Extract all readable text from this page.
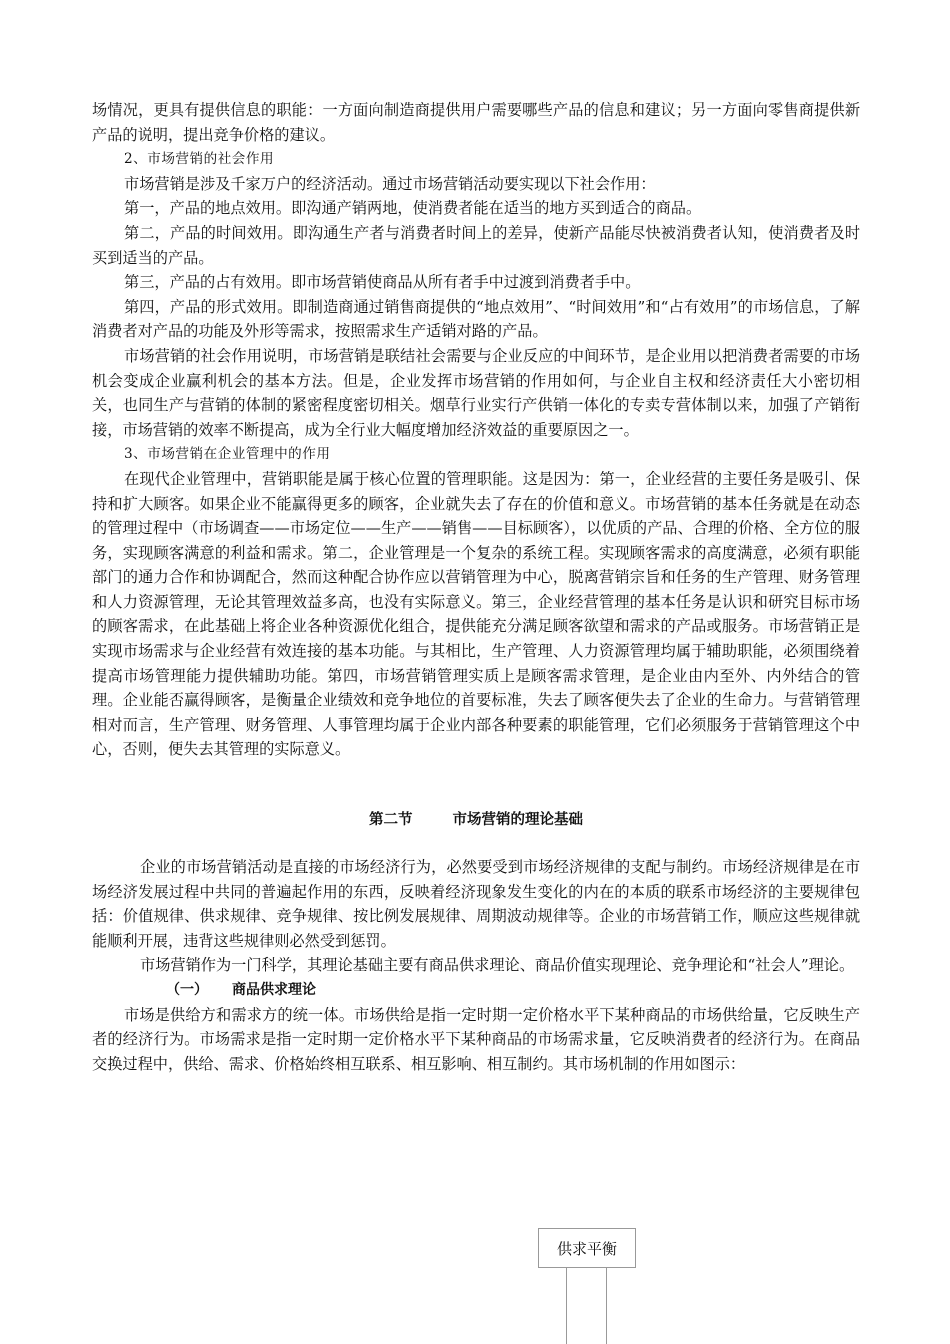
场情况，更具有提供信息的职能：一方面向制造商提供用户需要哪些产品的信息和建议；另一方面向零售商提供新产品的说明，提出竞争价格的建议。

2、市场营销的社会作用

市场营销是涉及千家万户的经济活动。通过市场营销活动要实现以下社会作用：

第一，产品的地点效用。即沟通产销两地，使消费者能在适当的地方买到适合的商品。

第二，产品的时间效用。即沟通生产者与消费者时间上的差异，使新产品能尽快被消费者认知，使消费者及时买到适当的产品。

第三，产品的占有效用。即市场营销使商品从所有者手中过渡到消费者手中。

第四，产品的形式效用。即制造商通过销售商提供的“地点效用”、“时间效用”和“占有效用”的市场信息，了解消费者对产品的功能及外形等需求，按照需求生产适销对路的产品。

市场营销的社会作用说明，市场营销是联结社会需要与企业反应的中间环节，是企业用以把消费者需要的市场机会变成企业赢利机会的基本方法。但是，企业发挥市场营销的作用如何，与企业自主权和经济责任大小密切相关，也同生产与营销的体制的紧密程度密切相关。烟草行业实行产供销一体化的专卖专营体制以来，加强了产销衔接，市场营销的效率不断提高，成为全行业大幅度增加经济效益的重要原因之一。

3、市场营销在企业管理中的作用

在现代企业管理中，营销职能是属于核心位置的管理职能。这是因为：第一，企业经营的主要任务是吸引、保持和扩大顾客。如果企业不能赢得更多的顾客，企业就失去了存在的价值和意义。市场营销的基本任务就是在动态的管理过程中（市场调查——市场定位——生产——销售——目标顾客），以优质的产品、合理的价格、全方位的服务，实现顾客满意的利益和需求。第二，企业管理是一个复杂的系统工程。实现顾客需求的高度满意，必须有职能部门的通力合作和协调配合，然而这种配合协作应以营销管理为中心，脱离营销宗旨和任务的生产管理、财务管理和人力资源管理，无论其管理效益多高，也没有实际意义。第三，企业经营管理的基本任务是认识和研究目标市场的顾客需求，在此基础上将企业各种资源优化组合，提供能充分满足顾客欲望和需求的产品或服务。市场营销正是实现市场需求与企业经营有效连接的基本功能。与其相比，生产管理、人力资源管理均属于辅助职能，必须围绕着提高市场管理能力提供辅助功能。第四，市场营销管理实质上是顾客需求管理，是企业由内至外、内外结合的管理。企业能否赢得顾客，是衡量企业绩效和竞争地位的首要标准，失去了顾客便失去了企业的生命力。与营销管理相对而言，生产管理、财务管理、人事管理均属于企业内部各种要素的职能管理，它们必须服务于营销管理这个中心，否则，便失去其管理的实际意义。

第二节	市场营销的理论基础

企业的市场营销活动是直接的市场经济行为，必然要受到市场经济规律的支配与制约。市场经济规律是在市场经济发展过程中共同的普遍起作用的东西，反映着经济现象发生变化的内在的本质的联系市场经济的主要规律包括：价值规律、供求规律、竞争规律、按比例发展规律、周期波动规律等。企业的市场营销工作，顺应这些规律就能顺利开展，违背这些规律则必然受到惩罚。

市场营销作为一门科学，其理论基础主要有商品供求理论、商品价值实现理论、竞争理论和“社会人”理论。

（一） 商品供求理论

市场是供给方和需求方的统一体。市场供给是指一定时期一定价格水平下某种商品的市场供给量，它反映生产者的经济行为。市场需求是指一定时期一定价格水平下某种商品的市场需求量，它反映消费者的经济行为。在商品交换过程中，供给、需求、价格始终相互联系、相互影响、相互制约。其市场机制的作用如图示：

供求平衡
